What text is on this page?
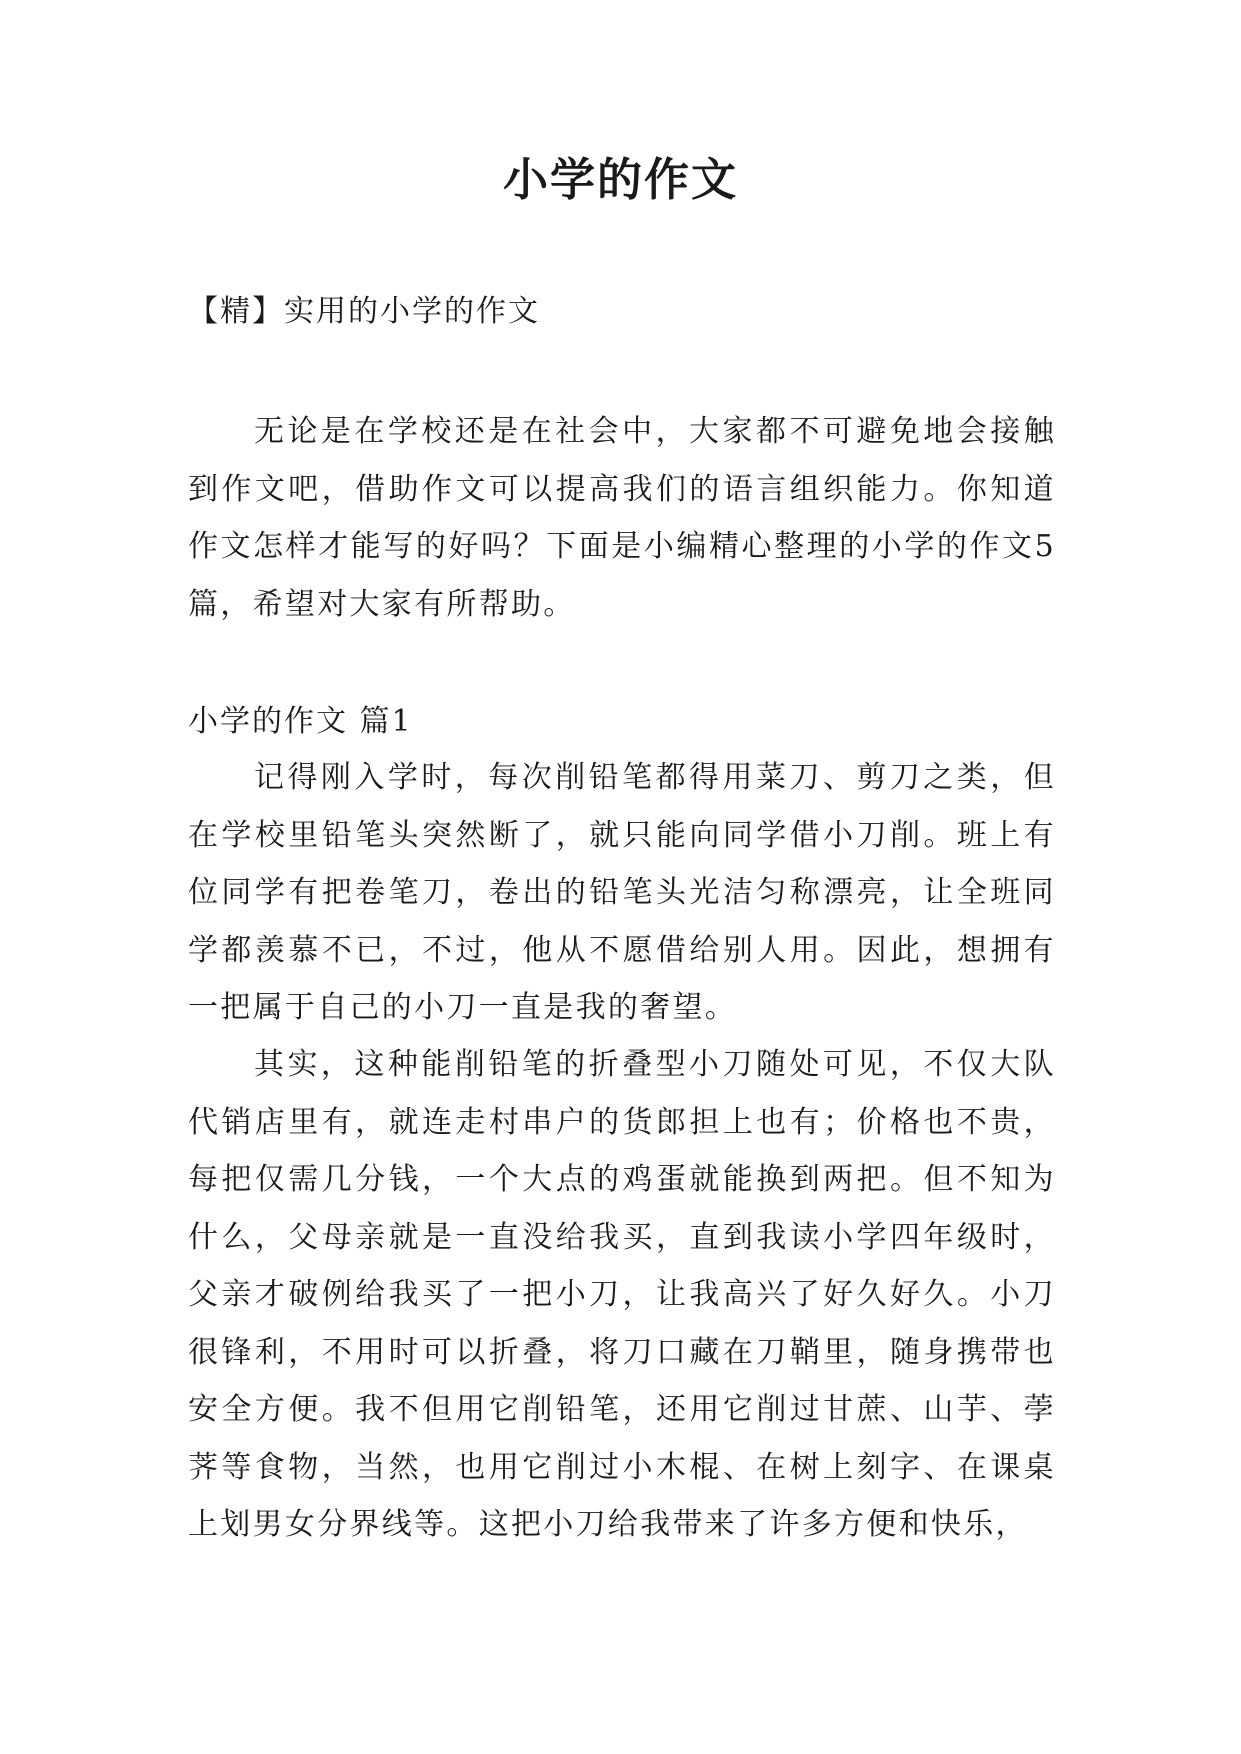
小学的作文
【精】实用的小学的作文

无论是在学校还是在社会中，大家都不可避免地会接触到作文吧，借助作文可以提高我们的语言组织能力。你知道作文怎样才能写的好吗？下面是小编精心整理的小学的作文5篇，希望对大家有所帮助。

小学的作文 篇1

记得刚入学时，每次削铅笔都得用菜刀、剪刀之类，但在学校里铅笔头突然断了，就只能向同学借小刀削。班上有位同学有把卷笔刀，卷出的铅笔头光洁匀称漂亮，让全班同学都羡慕不已，不过，他从不愿借给别人用。因此，想拥有一把属于自己的小刀一直是我的奢望。

其实，这种能削铅笔的折叠型小刀随处可见，不仅大队代销店里有，就连走村串户的货郎担上也有；价格也不贵，每把仅需几分钱，一个大点的鸡蛋就能换到两把。但不知为什么，父母亲就是一直没给我买，直到我读小学四年级时，父亲才破例给我买了一把小刀，让我高兴了好久好久。小刀很锋利，不用时可以折叠，将刀口藏在刀鞘里，随身携带也安全方便。我不但用它削铅笔，还用它削过甘蔗、山芋、荸荠等食物，当然，也用它削过小木棍、在树上刻字、在课桌上划男女分界线等。这把小刀给我带来了许多方便和快乐，
